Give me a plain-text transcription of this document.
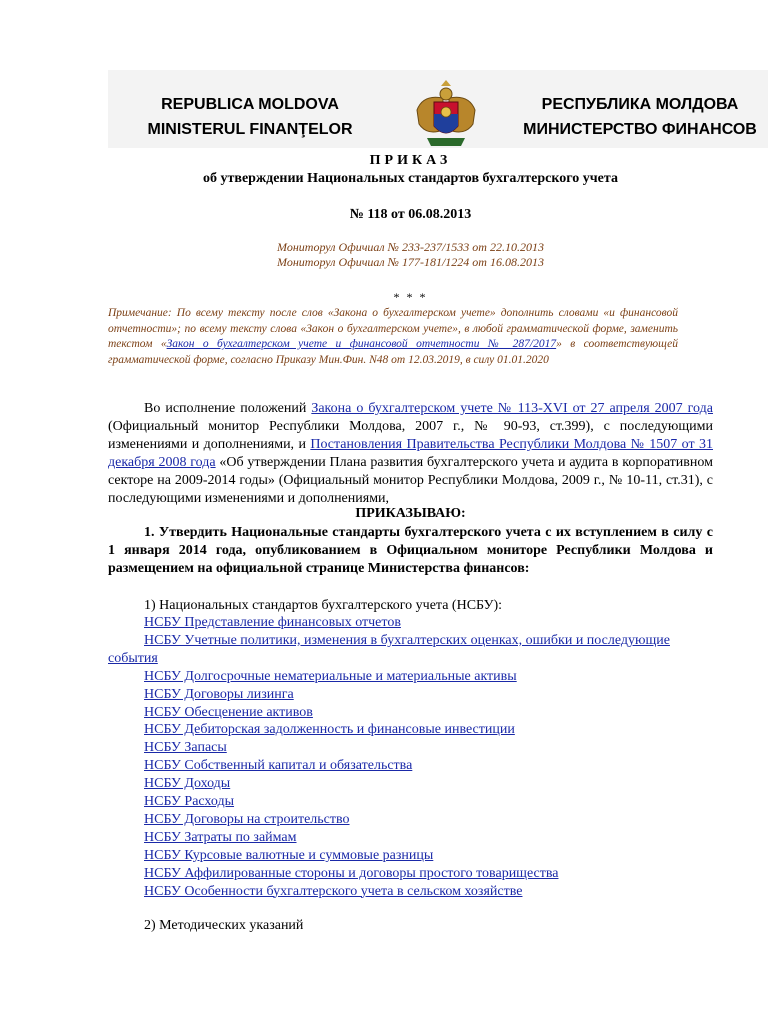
REPUBLICA MOLDOVA
MINISTERUL FINANŢELOR
РЕСПУБЛИКА МОЛДОВА
МИНИСТЕРСТВО ФИНАНСОВ
ПРИКАЗ
об утверждении Национальных стандартов бухгалтерского учета
№ 118 от 06.08.2013
Мониторул Офичиал № 233-237/1533 от 22.10.2013
Мониторул Офичиал № 177-181/1224 от 16.08.2013
* * *
Примечание: По всему тексту после слов «Закона о бухгалтерском учете» дополнить словами «и финансовой отчетности»; по всему тексту слова «Закон о бухгалтерском учете», в любой грамматической форме, заменить текстом «Закон о бухгалтерском учете и финансовой отчетности № 287/2017» в соответствующей грамматической форме, согласно Приказу Мин.Фин. N48 от 12.03.2019, в силу 01.01.2020
Во исполнение положений Закона о бухгалтерском учете № 113-XVI от 27 апреля 2007 года (Официальный монитор Республики Молдова, 2007 г., № 90-93, ст.399), с последующими изменениями и дополнениями, и Постановления Правительства Республики Молдова № 1507 от 31 декабря 2008 года «Об утверждении Плана развития бухгалтерского учета и аудита в корпоративном секторе на 2009-2014 годы» (Официальный монитор Республики Молдова, 2009 г., № 10-11, ст.31), с последующими изменениями и дополнениями,
ПРИКАЗЫВАЮ:
1. Утвердить Национальные стандарты бухгалтерского учета с их вступлением в силу с 1 января 2014 года, опубликованием в Официальном мониторе Республики Молдова и размещением на официальной странице Министерства финансов:
1) Национальных стандартов бухгалтерского учета (НСБУ):
НСБУ Представление финансовых отчетов
НСБУ Учетные политики, изменения в бухгалтерских оценках, ошибки и последующие события
НСБУ Долгосрочные нематериальные и материальные активы
НСБУ Договоры лизинга
НСБУ Обесценение активов
НСБУ Дебиторская задолженность и финансовые инвестиции
НСБУ Запасы
НСБУ Собственный капитал и обязательства
НСБУ Доходы
НСБУ Расходы
НСБУ Договоры на строительство
НСБУ Затраты по займам
НСБУ Курсовые валютные и суммовые разницы
НСБУ Аффилированные стороны и договоры простого товарищества
НСБУ Особенности бухгалтерского учета в сельском хозяйстве
2) Методических указаний
